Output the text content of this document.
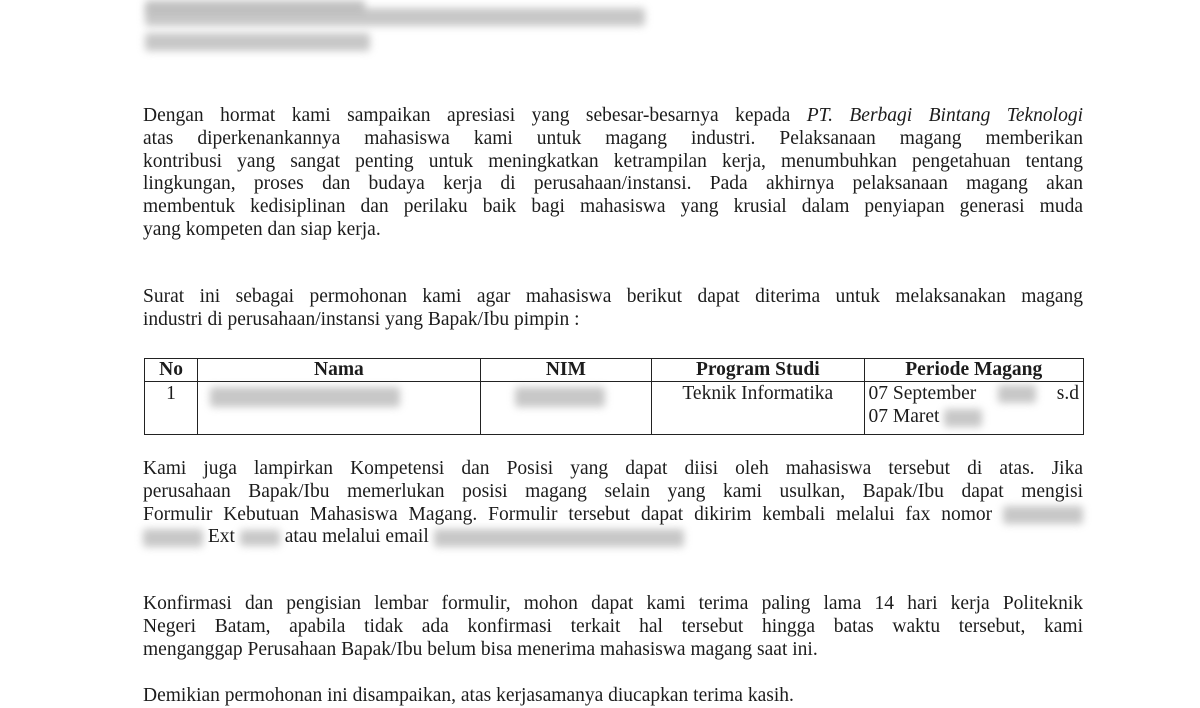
Dengan hormat kami sampaikan apresiasi yang sebesar-besarnya kepada PT. Berbagi Bintang Teknologi
atas diperkenankannya mahasiswa kami untuk magang industri. Pelaksanaan magang memberikan
kontribusi yang sangat penting untuk meningkatkan ketrampilan kerja, menumbuhkan pengetahuan tentang
lingkungan, proses dan budaya kerja di perusahaan/instansi. Pada akhirnya pelaksanaan magang akan
membentuk kedisiplinan dan perilaku baik bagi mahasiswa yang krusial dalam penyiapan generasi muda
yang kompeten dan siap kerja.
Surat ini sebagai permohonan kami agar mahasiswa berikut dapat diterima untuk melaksanakan magang
industri di perusahaan/instansi yang Bapak/Ibu pimpin :
No	Nama	NIM	Program Studi	Periode Magang
1			Teknik Informatika	07 September s.d
07 Maret
Kami juga lampirkan Kompetensi dan Posisi yang dapat diisi oleh mahasiswa tersebut di atas. Jika
perusahaan Bapak/Ibu memerlukan posisi magang selain yang kami usulkan, Bapak/Ibu dapat mengisi
Formulir Kebutuan Mahasiswa Magang. Formulir tersebut dapat dikirim kembali melalui fax nomor
Ext	atau melalui email
Konfirmasi dan pengisian lembar formulir, mohon dapat kami terima paling lama 14 hari kerja Politeknik
Negeri Batam, apabila tidak ada konfirmasi terkait hal tersebut hingga batas waktu tersebut, kami
menganggap Perusahaan Bapak/Ibu belum bisa menerima mahasiswa magang saat ini.
Demikian permohonan ini disampaikan, atas kerjasamanya diucapkan terima kasih.
